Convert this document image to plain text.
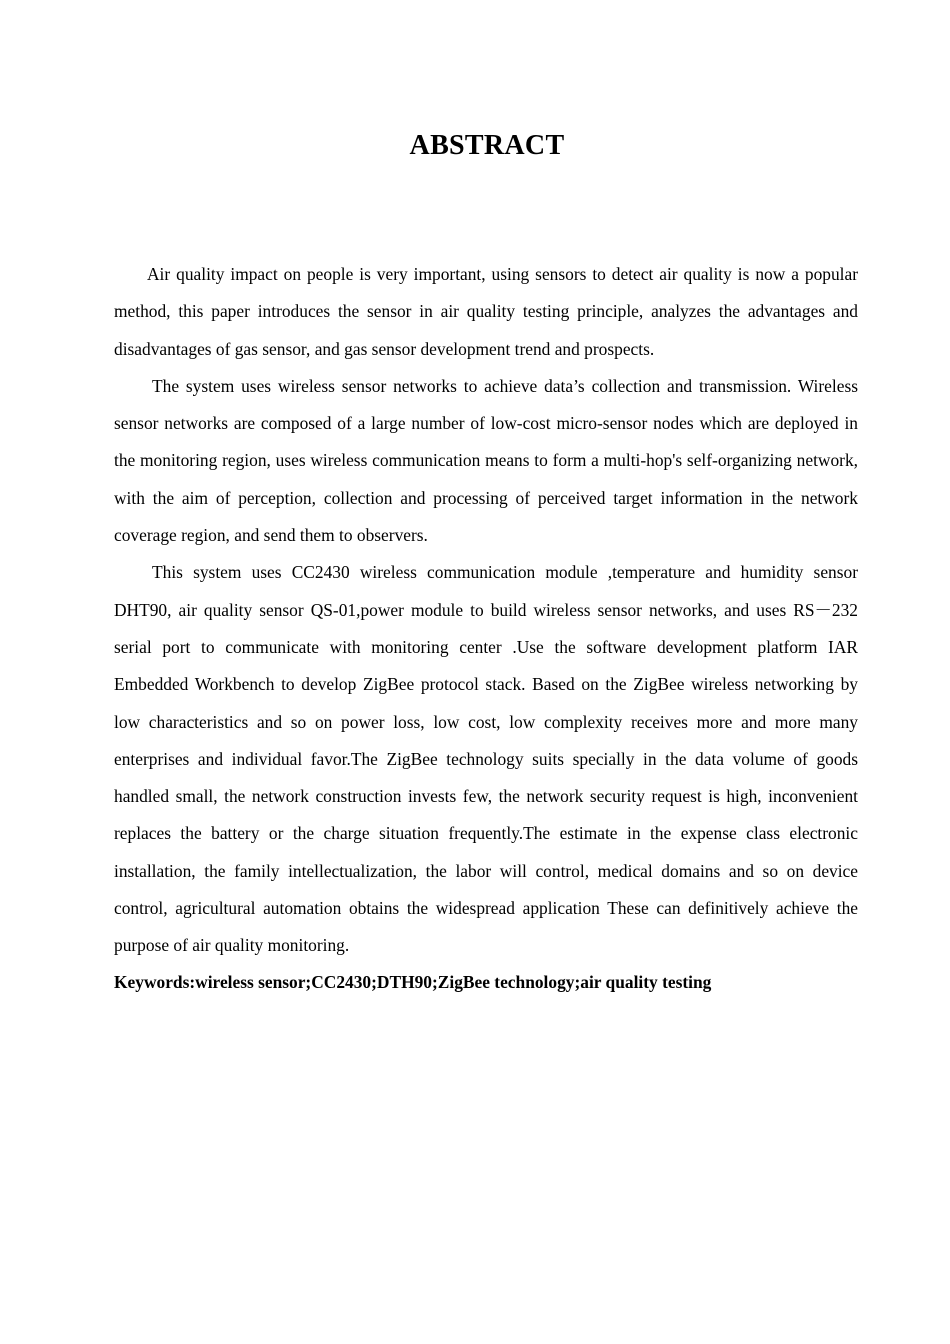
ABSTRACT

Air quality impact on people is very important, using sensors to detect air quality is now a popular method, this paper introduces the sensor in air quality testing principle, analyzes the advantages and disadvantages of gas sensor, and gas sensor development trend and prospects.

The system uses wireless sensor networks to achieve data’s collection and transmission. Wireless sensor networks are composed of a large number of low-cost micro-sensor nodes which are deployed in the monitoring region, uses wireless communication means to form a multi-hop's self-organizing network, with the aim of perception, collection and processing of perceived target information in the network coverage region, and send them to observers.

This system uses CC2430 wireless communication module ,temperature and humidity sensor DHT90, air quality sensor QS-01,power module to build wireless sensor networks, and uses RS－232 serial port to communicate with monitoring center .Use the software development platform IAR Embedded Workbench to develop ZigBee protocol stack. Based on the ZigBee wireless networking by low characteristics and so on power loss, low cost, low complexity receives more and more many enterprises and individual favor.The ZigBee technology suits specially in the data volume of goods handled small, the network construction invests few, the network security request is high, inconvenient replaces the battery or the charge situation frequently.The estimate in the expense class electronic installation, the family intellectualization, the labor will control, medical domains and so on device control, agricultural automation obtains the widespread application These can definitively achieve the purpose of air quality monitoring.

Keywords:wireless sensor;CC2430;DTH90;ZigBee technology;air quality testing
